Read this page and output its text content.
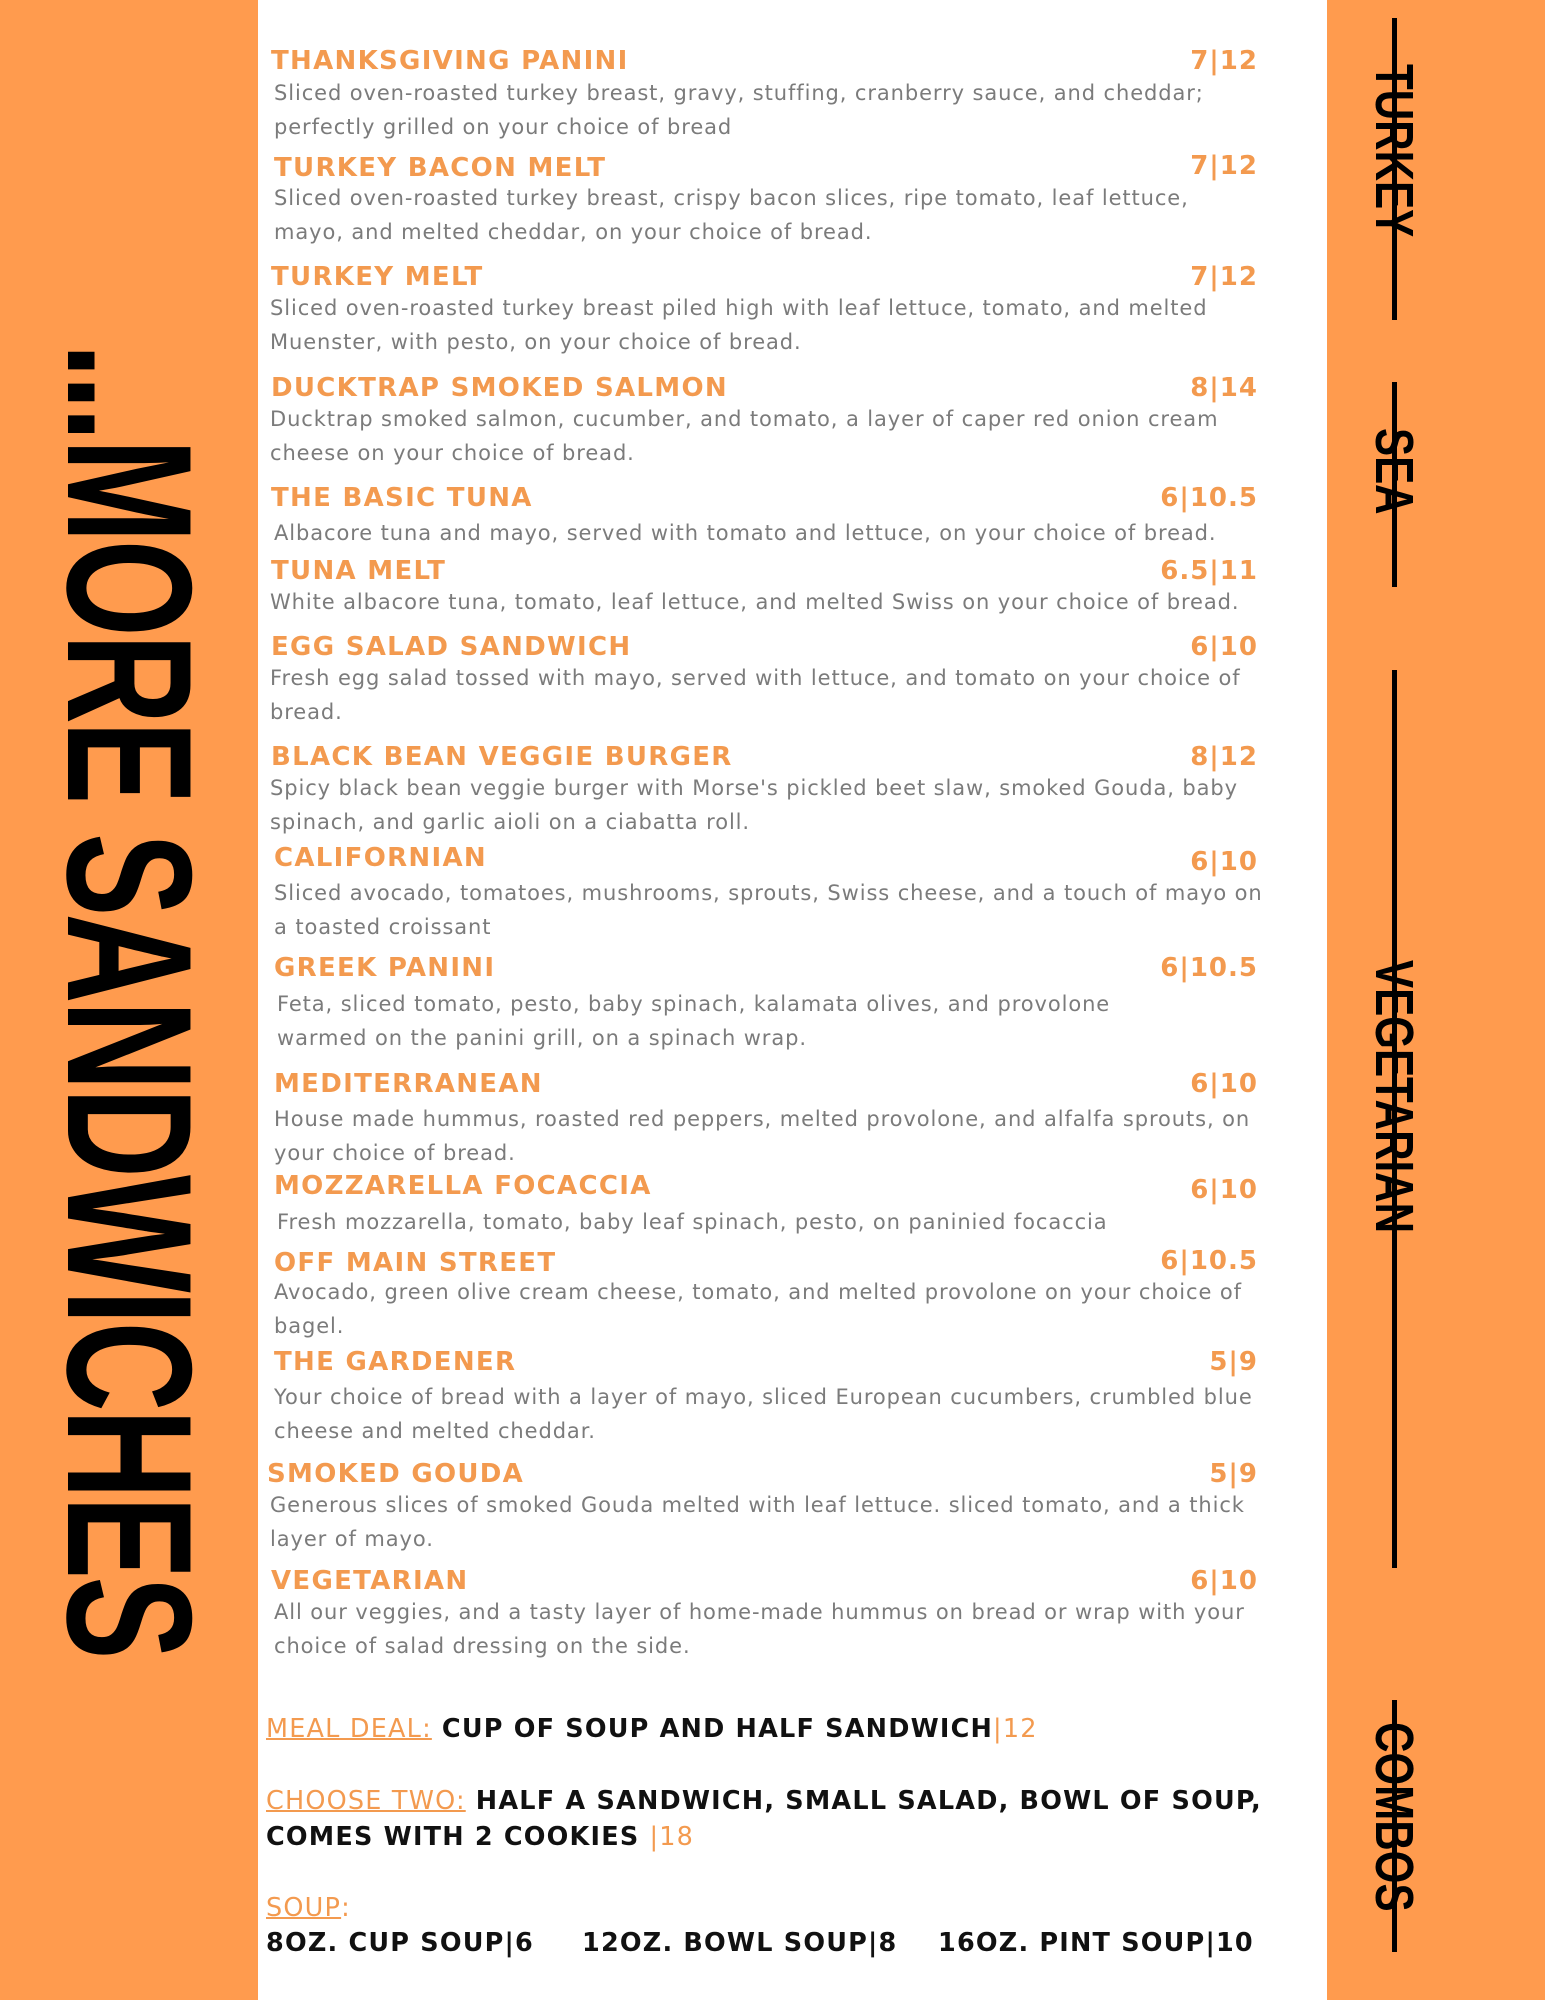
...MORE SANDWICHES
TURKEY
SEA
VEGETARIAN
COMBOS
THANKSGIVING PANINI	7|12
Sliced oven-roasted turkey breast, gravy, stuffing, cranberry sauce, and cheddar; perfectly grilled on your choice of bread
TURKEY BACON MELT	7|12
Sliced oven-roasted turkey breast, crispy bacon slices, ripe tomato, leaf lettuce, mayo, and melted cheddar, on your choice of bread.
TURKEY MELT	7|12
Sliced oven-roasted turkey breast piled high with leaf lettuce, tomato, and melted Muenster, with pesto, on your choice of bread.
DUCKTRAP SMOKED SALMON	8|14
Ducktrap smoked salmon, cucumber, and tomato, a layer of caper red onion cream cheese on your choice of bread.
THE BASIC TUNA	6|10.5
Albacore tuna and mayo, served with tomato and lettuce, on your choice of bread.
TUNA MELT	6.5|11
White albacore tuna, tomato, leaf lettuce, and melted Swiss on your choice of bread.
EGG SALAD SANDWICH	6|10
Fresh egg salad tossed with mayo, served with lettuce, and tomato on your choice of bread.
BLACK BEAN VEGGIE BURGER	8|12
Spicy black bean veggie burger with Morse's pickled beet slaw, smoked Gouda, baby spinach, and garlic aioli on a ciabatta roll.
CALIFORNIAN	6|10
Sliced avocado, tomatoes, mushrooms, sprouts, Swiss cheese, and a touch of mayo on a toasted croissant
GREEK PANINI	6|10.5
Feta, sliced tomato, pesto, baby spinach, kalamata olives, and provolone warmed on the panini grill, on a spinach wrap.
MEDITERRANEAN	6|10
House made hummus, roasted red peppers, melted provolone, and alfalfa sprouts, on your choice of bread.
MOZZARELLA FOCACCIA	6|10
Fresh mozzarella, tomato, baby leaf spinach, pesto, on paninied focaccia
OFF MAIN STREET	6|10.5
Avocado, green olive cream cheese, tomato, and melted provolone on your choice of bagel.
THE GARDENER	5|9
Your choice of bread with a layer of mayo, sliced European cucumbers, crumbled blue cheese and melted cheddar.
SMOKED GOUDA	5|9
Generous slices of smoked Gouda melted with leaf lettuce. sliced tomato, and a thick layer of mayo.
VEGETARIAN	6|10
All our veggies, and a tasty layer of home-made hummus on bread or wrap with your choice of salad dressing on the side.
MEAL DEAL: CUP OF SOUP AND HALF SANDWICH|12
CHOOSE TWO: HALF A SANDWICH, SMALL SALAD, BOWL OF SOUP, COMES WITH 2 COOKIES |18
SOUP:
8OZ. CUP SOUP|6 12OZ. BOWL SOUP|8 16OZ. PINT SOUP|10
